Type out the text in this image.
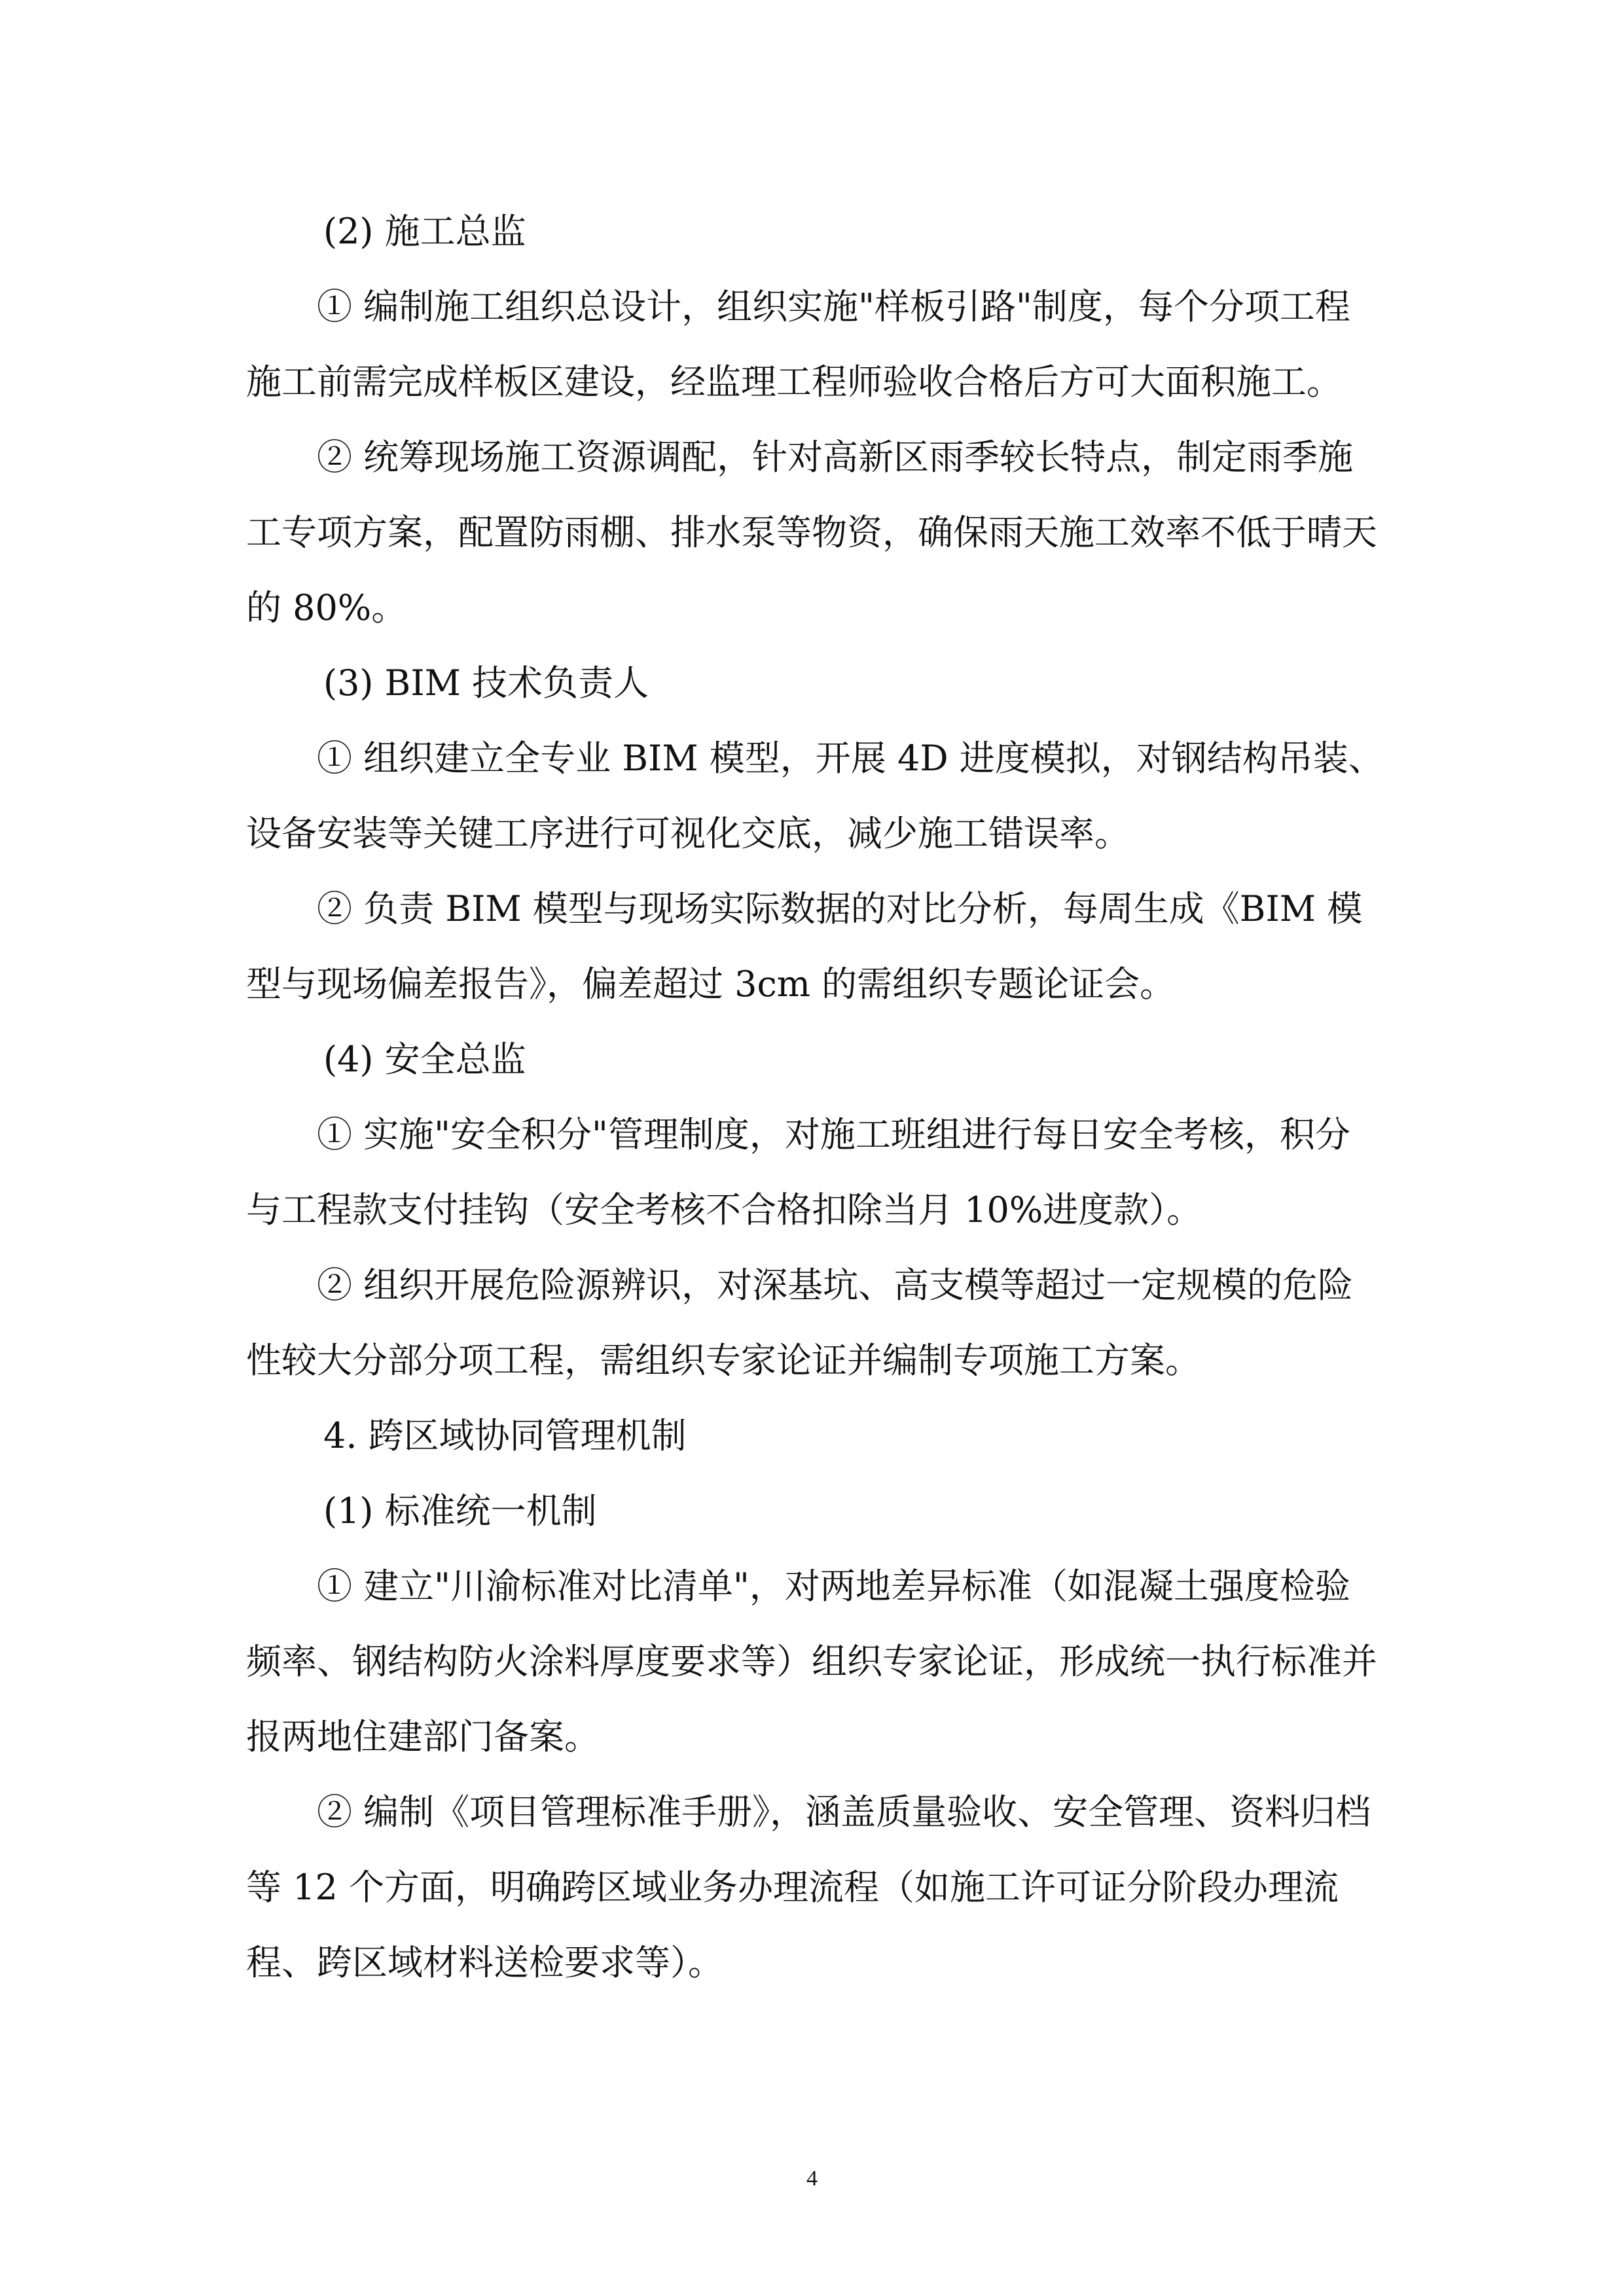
(2) 施工总监

① 编制施工组织总设计，组织实施"样板引路"制度，每个分项工程施工前需完成样板区建设，经监理工程师验收合格后方可大面积施工。

② 统筹现场施工资源调配，针对高新区雨季较长特点，制定雨季施工专项方案，配置防雨棚、排水泵等物资，确保雨天施工效率不低于晴天的 80%。

(3) BIM 技术负责人

① 组织建立全专业 BIM 模型，开展 4D 进度模拟，对钢结构吊装、设备安装等关键工序进行可视化交底，减少施工错误率。

② 负责 BIM 模型与现场实际数据的对比分析，每周生成《BIM 模型与现场偏差报告》，偏差超过 3cm 的需组织专题论证会。

(4) 安全总监

① 实施"安全积分"管理制度，对施工班组进行每日安全考核，积分与工程款支付挂钩（安全考核不合格扣除当月 10%进度款）。

② 组织开展危险源辨识，对深基坑、高支模等超过一定规模的危险性较大分部分项工程，需组织专家论证并编制专项施工方案。

4. 跨区域协同管理机制

(1) 标准统一机制

① 建立"川渝标准对比清单"，对两地差异标准（如混凝土强度检验频率、钢结构防火涂料厚度要求等）组织专家论证，形成统一执行标准并报两地住建部门备案。

② 编制《项目管理标准手册》，涵盖质量验收、安全管理、资料归档等 12 个方面，明确跨区域业务办理流程（如施工许可证分阶段办理流程、跨区域材料送检要求等）。

4
